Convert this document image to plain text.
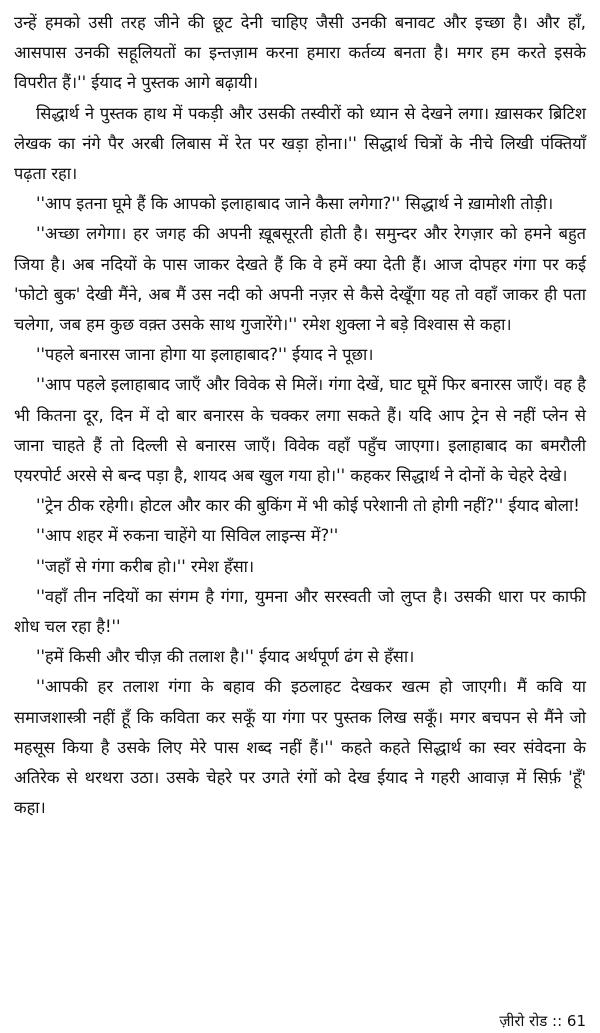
उन्हें हमको उसी तरह जीने की छूट देनी चाहिए जैसी उनकी बनावट और इच्छा है। और हाँ, आसपास उनकी सहूलियतों का इन्तज़ाम करना हमारा कर्तव्य बनता है। मगर हम करते इसके विपरीत हैं।'' ईयाद ने पुस्तक आगे बढ़ायी।

सिद्धार्थ ने पुस्तक हाथ में पकड़ी और उसकी तस्वीरों को ध्यान से देखने लगा। ख़ासकर ब्रिटिश लेखक का नंगे पैर अरबी लिबास में रेत पर खड़ा होना।'' सिद्धार्थ चित्रों के नीचे लिखी पंक्तियाँ पढ़ता रहा।

''आप इतना घूमे हैं कि आपको इलाहाबाद जाने कैसा लगेगा?'' सिद्धार्थ ने ख़ामोशी तोड़ी।

''अच्छा लगेगा। हर जगह की अपनी ख़ूबसूरती होती है। समुन्दर और रेगज़ार को हमने बहुत जिया है। अब नदियों के पास जाकर देखते हैं कि वे हमें क्या देती हैं। आज दोपहर गंगा पर कई 'फोटो बुक' देखी मैंने, अब मैं उस नदी को अपनी नज़र से कैसे देखूँगा यह तो वहाँ जाकर ही पता चलेगा, जब हम कुछ वक़्त उसके साथ गुजारेंगे।'' रमेश शुक्ला ने बड़े विश्वास से कहा।

''पहले बनारस जाना होगा या इलाहाबाद?'' ईयाद ने पूछा।

''आप पहले इलाहाबाद जाएँ और विवेक से मिलें। गंगा देखें, घाट घूमें फिर बनारस जाएँ। वह है भी कितना दूर, दिन में दो बार बनारस के चक्कर लगा सकते हैं। यदि आप ट्रेन से नहीं प्लेन से जाना चाहते हैं तो दिल्ली से बनारस जाएँ। विवेक वहाँ पहुँच जाएगा। इलाहाबाद का बमरौली एयरपोर्ट अरसे से बन्द पड़ा है, शायद अब खुल गया हो।'' कहकर सिद्धार्थ ने दोनों के चेहरे देखे।

''ट्रेन ठीक रहेगी। होटल और कार की बुकिंग में भी कोई परेशानी तो होगी नहीं?'' ईयाद बोला!

''आप शहर में रुकना चाहेंगे या सिविल लाइन्स में?''

''जहाँ से गंगा करीब हो।'' रमेश हँसा।

''वहाँ तीन नदियों का संगम है गंगा, युमना और सरस्वती जो लुप्त है। उसकी धारा पर काफी शोध चल रहा है!''

''हमें किसी और चीज़ की तलाश है।'' ईयाद अर्थपूर्ण ढंग से हँसा।

''आपकी हर तलाश गंगा के बहाव की इठलाहट देखकर खत्म हो जाएगी। मैं कवि या समाजशास्त्री नहीं हूँ कि कविता कर सकूँ या गंगा पर पुस्तक लिख सकूँ। मगर बचपन से मैंने जो महसूस किया है उसके लिए मेरे पास शब्द नहीं हैं।'' कहते कहते सिद्धार्थ का स्वर संवेदना के अतिरेक से थरथरा उठा। उसके चेहरे पर उगते रंगों को देख ईयाद ने गहरी आवाज़ में सिर्फ़ 'हूँ' कहा।

ज़ीरो रोड :: 61
